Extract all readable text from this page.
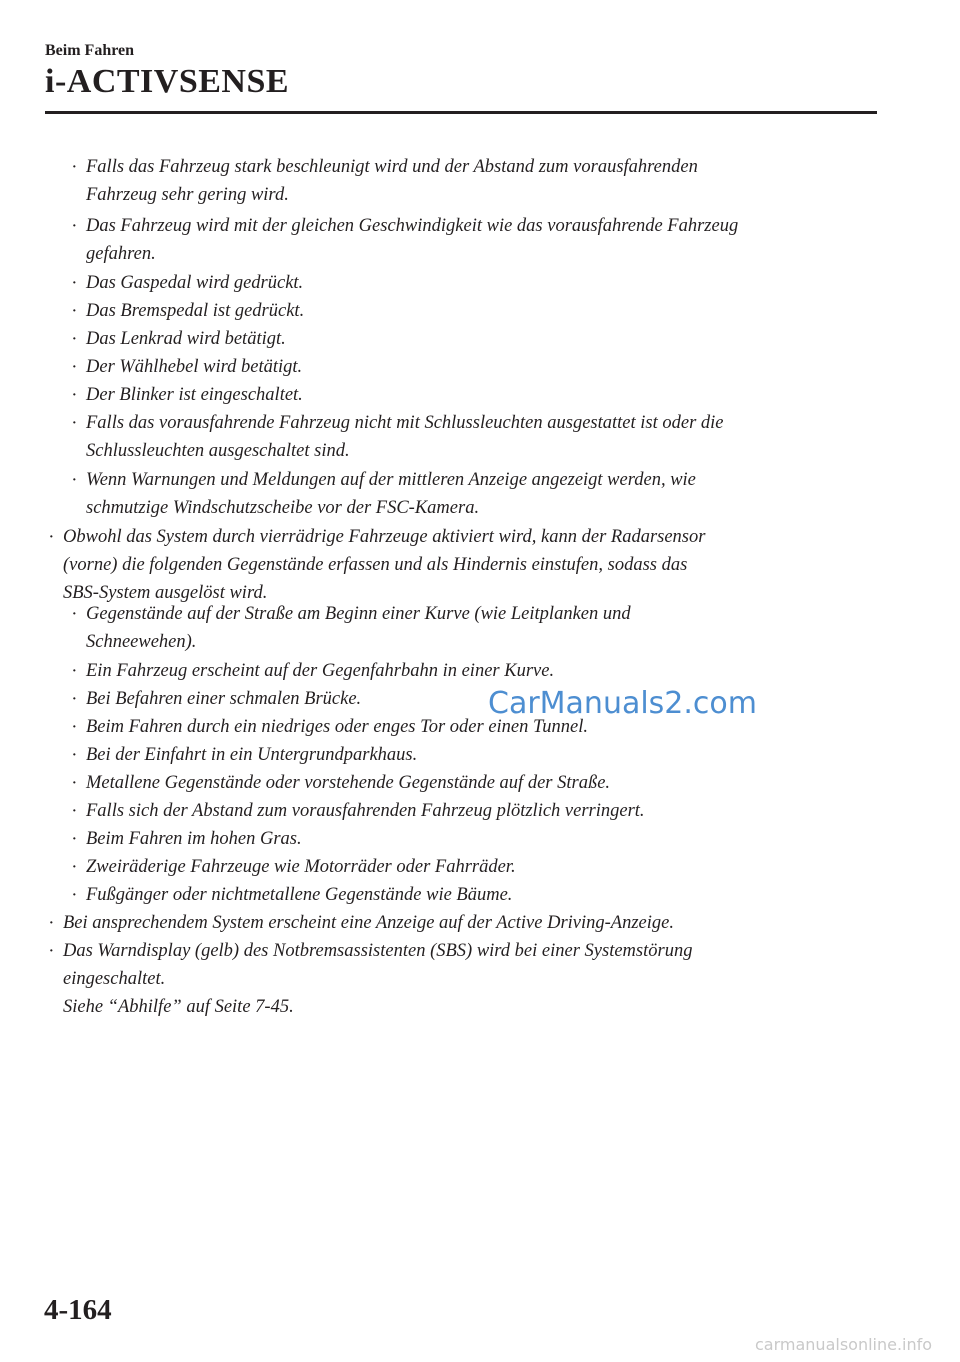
Beim Fahren

i-ACTIVSENSE
· Falls das Fahrzeug stark beschleunigt wird und der Abstand zum vorausfahrenden
Fahrzeug sehr gering wird.
· Das Fahrzeug wird mit der gleichen Geschwindigkeit wie das vorausfahrende Fahrzeug
gefahren.
· Das Gaspedal wird gedrückt.
· Das Bremspedal ist gedrückt.
· Das Lenkrad wird betätigt.
· Der Wählhebel wird betätigt.
· Der Blinker ist eingeschaltet.
· Falls das vorausfahrende Fahrzeug nicht mit Schlussleuchten ausgestattet ist oder die
Schlussleuchten ausgeschaltet sind.
· Wenn Warnungen und Meldungen auf der mittleren Anzeige angezeigt werden, wie
schmutzige Windschutzscheibe vor der FSC-Kamera.
· Obwohl das System durch vierrädrige Fahrzeuge aktiviert wird, kann der Radarsensor
(vorne) die folgenden Gegenstände erfassen und als Hindernis einstufen, sodass das
SBS-System ausgelöst wird.
· Gegenstände auf der Straße am Beginn einer Kurve (wie Leitplanken und
Schneewehen).
· Ein Fahrzeug erscheint auf der Gegenfahrbahn in einer Kurve.
· Bei Befahren einer schmalen Brücke.
· Beim Fahren durch ein niedriges oder enges Tor oder einen Tunnel.
· Bei der Einfahrt in ein Untergrundparkhaus.
· Metallene Gegenstände oder vorstehende Gegenstände auf der Straße.
· Falls sich der Abstand zum vorausfahrenden Fahrzeug plötzlich verringert.
· Beim Fahren im hohen Gras.
· Zweiräderige Fahrzeuge wie Motorräder oder Fahrräder.
· Fußgänger oder nichtmetallene Gegenstände wie Bäume.
· Bei ansprechendem System erscheint eine Anzeige auf der Active Driving-Anzeige.
· Das Warndisplay (gelb) des Notbremsassistenten (SBS) wird bei einer Systemstörung
eingeschaltet.
Siehe “Abhilfe” auf Seite 7-45.
CarManuals2.com

4-164

carmanualsonline.info
